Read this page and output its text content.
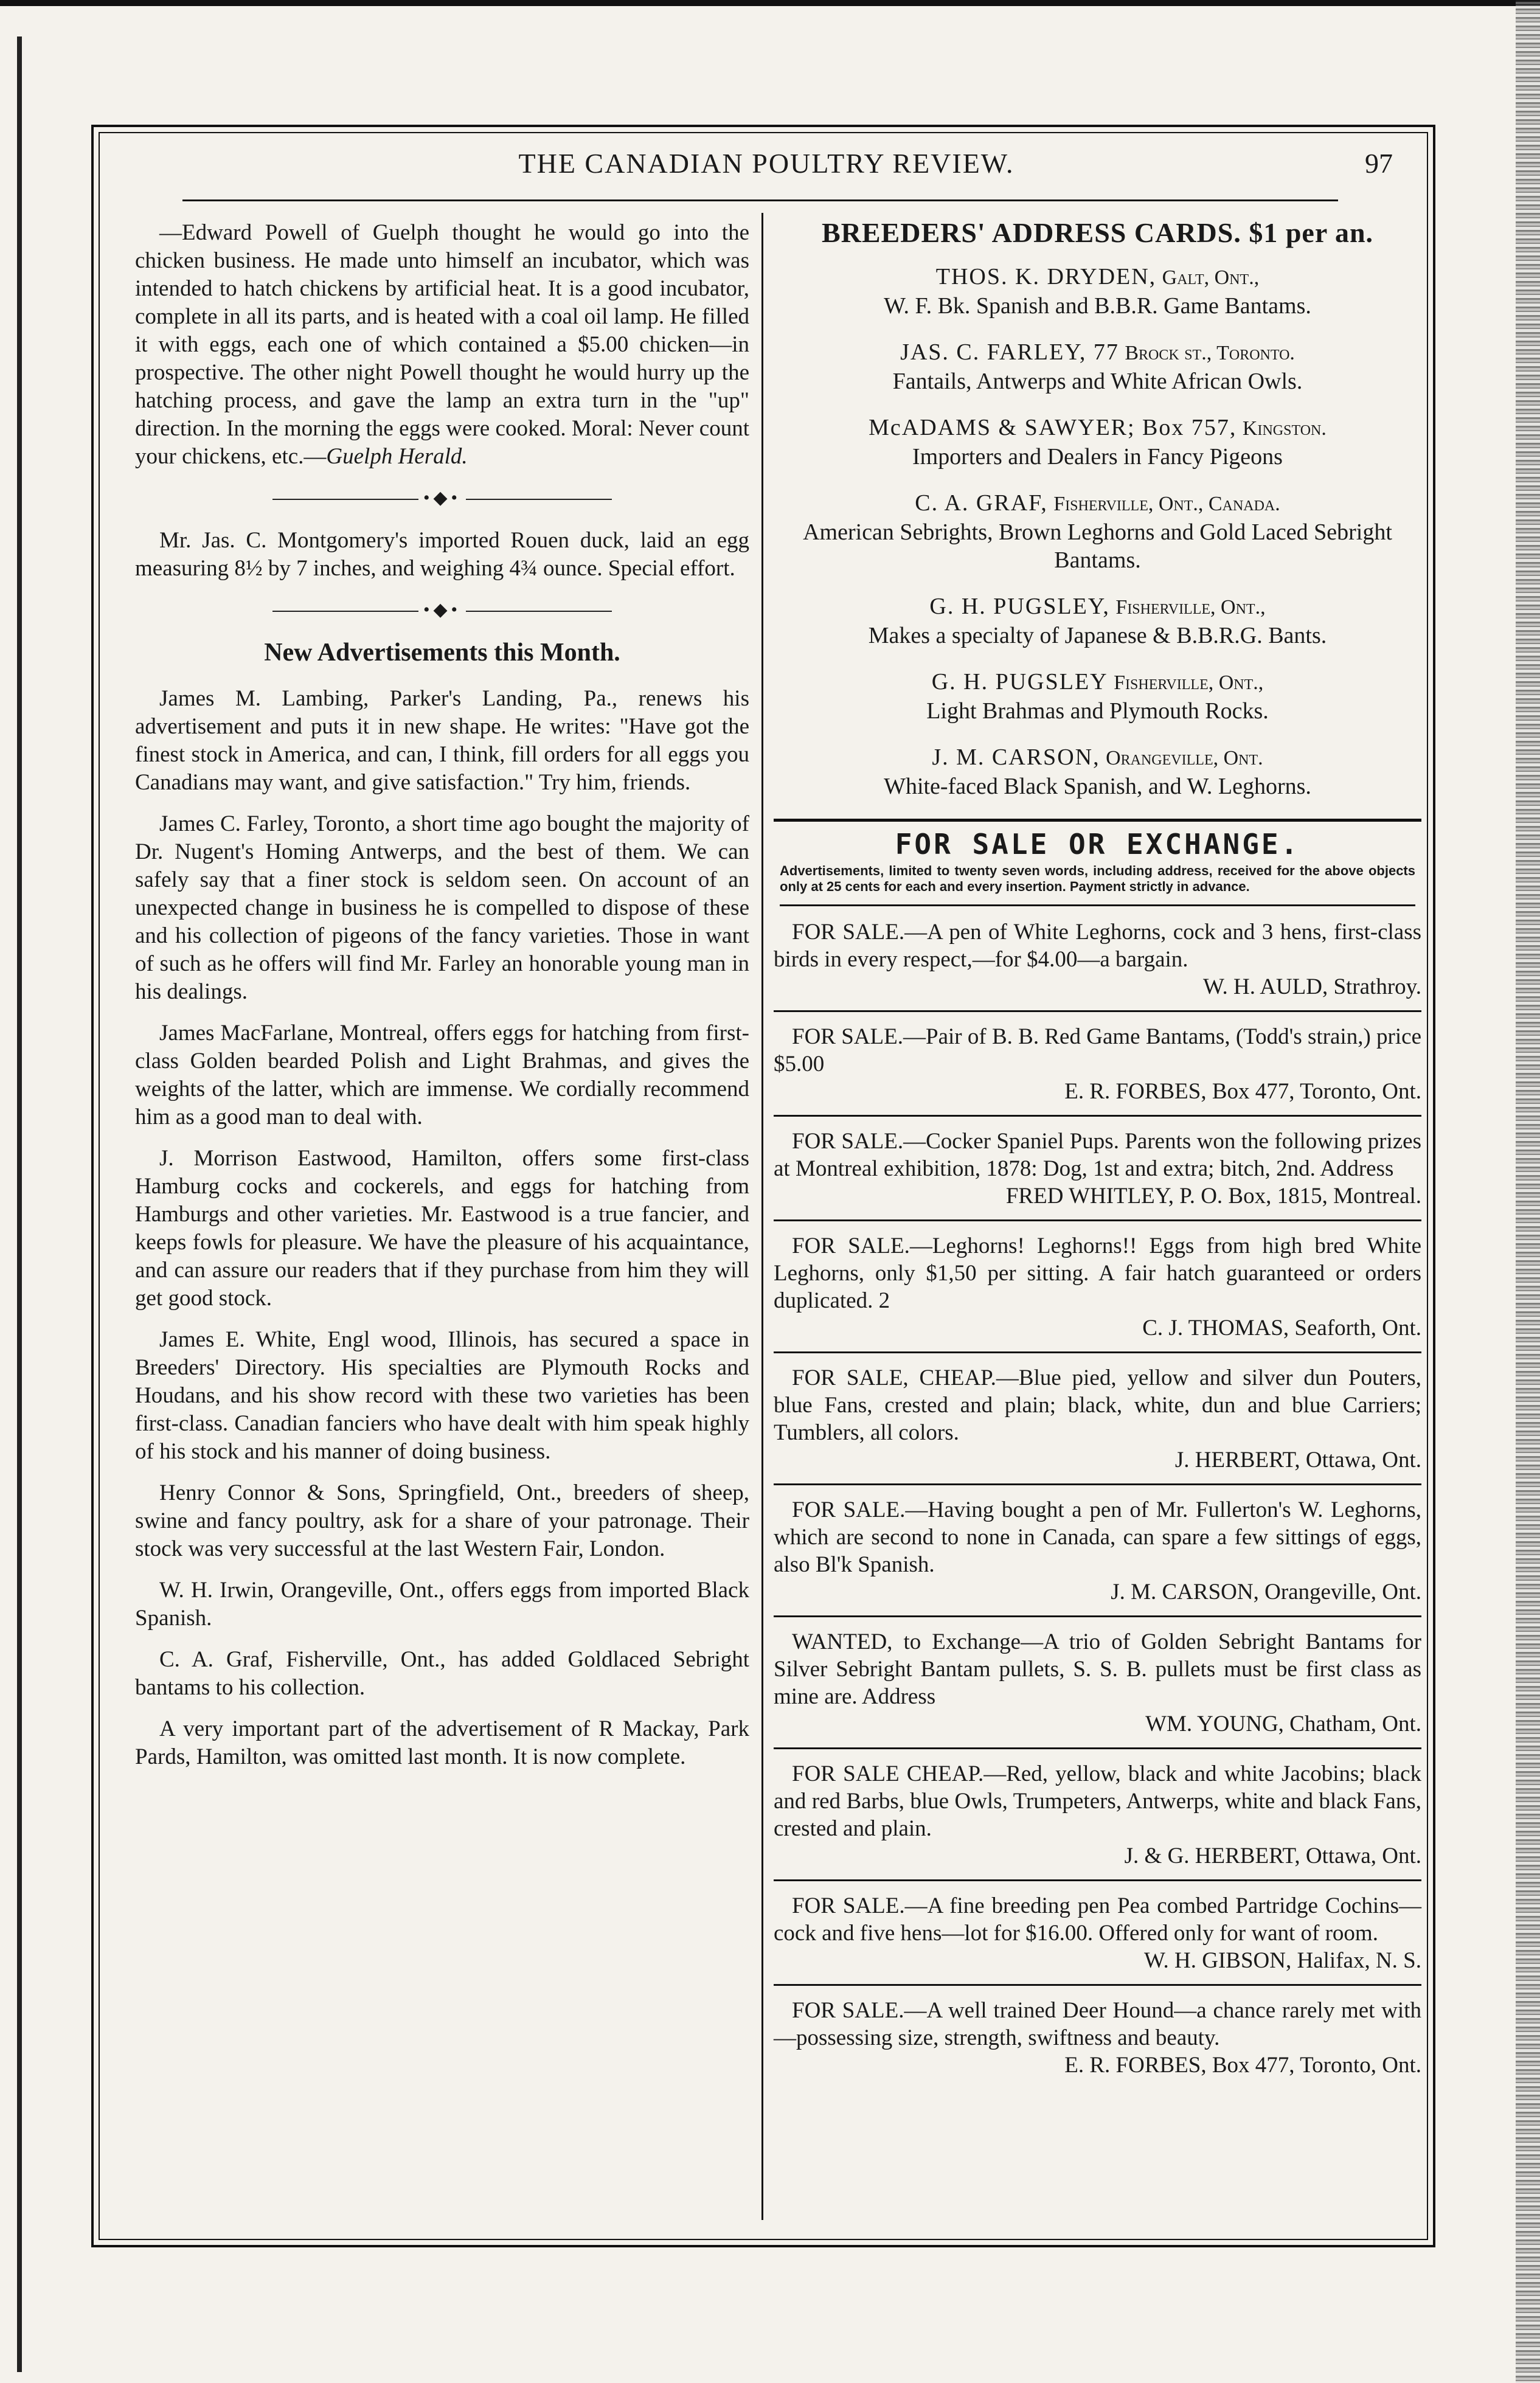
THE CANADIAN POULTRY REVIEW.	97

—Edward Powell of Guelph thought he would go into the chicken business. He made unto himself an incubator, which was intended to hatch chickens by artificial heat. It is a good incubator, complete in all its parts, and is heated with a coal oil lamp. He filled it with eggs, each one of which contained a $5.00 chicken—in prospective. The other night Powell thought he would hurry up the hatching process, and gave the lamp an extra turn in the "up" direction. In the morning the eggs were cooked. Moral: Never count your chickens, etc.—Guelph Herald.

•◆•

Mr. Jas. C. Montgomery's imported Rouen duck, laid an egg measuring 8½ by 7 inches, and weighing 4¾ ounce. Special effort.

•◆•
New Advertisements this Month.

James M. Lambing, Parker's Landing, Pa., renews his advertisement and puts it in new shape. He writes: "Have got the finest stock in America, and can, I think, fill orders for all eggs you Canadians may want, and give satisfaction." Try him, friends.

James C. Farley, Toronto, a short time ago bought the majority of Dr. Nugent's Homing Antwerps, and the best of them. We can safely say that a finer stock is seldom seen. On account of an unexpected change in business he is compelled to dispose of these and his collection of pigeons of the fancy varieties. Those in want of such as he offers will find Mr. Farley an honorable young man in his dealings.

James MacFarlane, Montreal, offers eggs for hatching from first-class Golden bearded Polish and Light Brahmas, and gives the weights of the latter, which are immense. We cordially recommend him as a good man to deal with.

J. Morrison Eastwood, Hamilton, offers some first-class Hamburg cocks and cockerels, and eggs for hatching from Hamburgs and other varieties. Mr. Eastwood is a true fancier, and keeps fowls for pleasure. We have the pleasure of his acquaintance, and can assure our readers that if they purchase from him they will get good stock.

James E. White, Engl wood, Illinois, has secured a space in Breeders' Directory. His specialties are Plymouth Rocks and Houdans, and his show record with these two varieties has been first-class. Canadian fanciers who have dealt with him speak highly of his stock and his manner of doing business.

Henry Connor & Sons, Springfield, Ont., breeders of sheep, swine and fancy poultry, ask for a share of your patronage. Their stock was very successful at the last Western Fair, London.

W. H. Irwin, Orangeville, Ont., offers eggs from imported Black Spanish.

C. A. Graf, Fisherville, Ont., has added Goldlaced Sebright bantams to his collection.

A very important part of the advertisement of R Mackay, Park Pards, Hamilton, was omitted last month. It is now complete.

BREEDERS' ADDRESS CARDS. $1 per an.
THOS. K. DRYDEN, Galt, Ont.,
W. F. Bk. Spanish and B.B.R. Game Bantams.
JAS. C. FARLEY, 77 Brock st., Toronto.
Fantails, Antwerps and White African Owls.
McADAMS & SAWYER; Box 757, Kingston.
Importers and Dealers in Fancy Pigeons
C. A. GRAF, Fisherville, Ont., Canada.
American Sebrights, Brown Leghorns and Gold Laced Sebright Bantams.
G. H. PUGSLEY, Fisherville, Ont.,
Makes a specialty of Japanese & B.B.R.G. Bants.
G. H. PUGSLEY Fisherville, Ont.,
Light Brahmas and Plymouth Rocks.
J. M. CARSON, Orangeville, Ont.
White-faced Black Spanish, and W. Leghorns.
FOR SALE OR EXCHANGE.
Advertisements, limited to twenty seven words, including address, received for the above objects only at 25 cents for each and every insertion. Payment strictly in advance.
FOR SALE.—A pen of White Leghorns, cock and 3 hens, first-class birds in every respect,—for $4.00—a bargain.
W. H. AULD, Strathroy.
FOR SALE.—Pair of B. B. Red Game Bantams, (Todd's strain,) price $5.00
E. R. FORBES, Box 477, Toronto, Ont.
FOR SALE.—Cocker Spaniel Pups. Parents won the following prizes at Montreal exhibition, 1878: Dog, 1st and extra; bitch, 2nd. Address
FRED WHITLEY, P. O. Box, 1815, Montreal.
FOR SALE.—Leghorns! Leghorns!! Eggs from high bred White Leghorns, only $1,50 per sitting. A fair hatch guaranteed or orders duplicated. 2
C. J. THOMAS, Seaforth, Ont.
FOR SALE, CHEAP.—Blue pied, yellow and silver dun Pouters, blue Fans, crested and plain; black, white, dun and blue Carriers; Tumblers, all colors.
J. HERBERT, Ottawa, Ont.
FOR SALE.—Having bought a pen of Mr. Fullerton's W. Leghorns, which are second to none in Canada, can spare a few sittings of eggs, also Bl'k Spanish.
J. M. CARSON, Orangeville, Ont.
WANTED, to Exchange—A trio of Golden Sebright Bantams for Silver Sebright Bantam pullets, S. S. B. pullets must be first class as mine are. Address
WM. YOUNG, Chatham, Ont.
FOR SALE CHEAP.—Red, yellow, black and white Jacobins; black and red Barbs, blue Owls, Trumpeters, Antwerps, white and black Fans, crested and plain.
J. & G. HERBERT, Ottawa, Ont.
FOR SALE.—A fine breeding pen Pea combed Partridge Cochins—cock and five hens—lot for $16.00. Offered only for want of room.
W. H. GIBSON, Halifax, N. S.
FOR SALE.—A well trained Deer Hound—a chance rarely met with—possessing size, strength, swiftness and beauty.
E. R. FORBES, Box 477, Toronto, Ont.
